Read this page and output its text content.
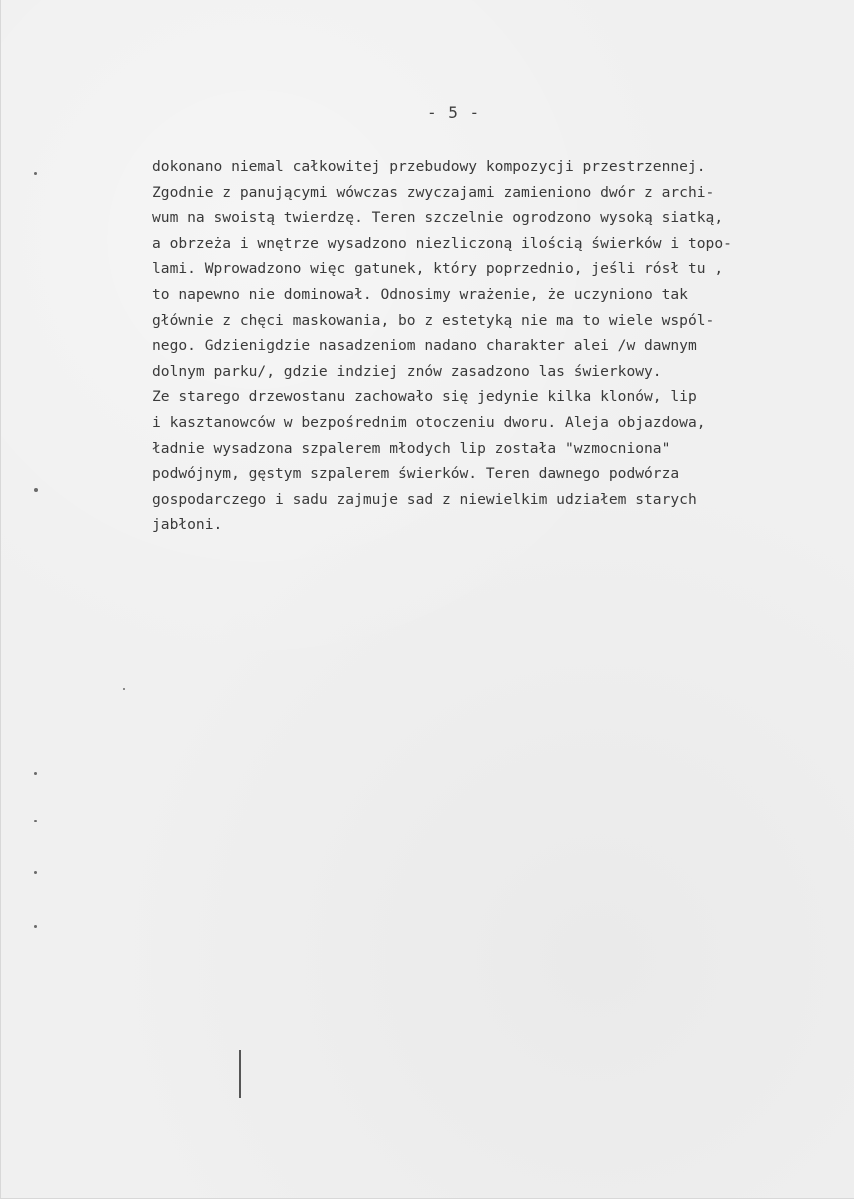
- 5 -
dokonano niemal całkowitej przebudowy kompozycji przestrzennej.
Zgodnie z panującymi wówczas zwyczajami zamieniono dwór z archi-
wum na swoistą twierdzę. Teren szczelnie ogrodzono wysoką siatką,
a obrzeża i wnętrze wysadzono niezliczoną ilością świerków i topo-
lami. Wprowadzono więc gatunek, który poprzednio, jeśli rósł tu ,
to napewno nie dominował. Odnosimy wrażenie, że uczyniono tak
głównie z chęci maskowania, bo z estetyką nie ma to wiele wspól-
nego. Gdzienigdzie nasadzeniom nadano charakter alei /w dawnym
dolnym parku/, gdzie indziej znów zasadzono las świerkowy.
Ze starego drzewostanu zachowało się jedynie kilka klonów, lip
i kasztanowców w bezpośrednim otoczeniu dworu. Aleja objazdowa,
ładnie wysadzona szpalerem młodych lip została "wzmocniona"
podwójnym, gęstym szpalerem świerków. Teren dawnego podwórza
gospodarczego i sadu zajmuje sad z niewielkim udziałem starych
jabłoni.
